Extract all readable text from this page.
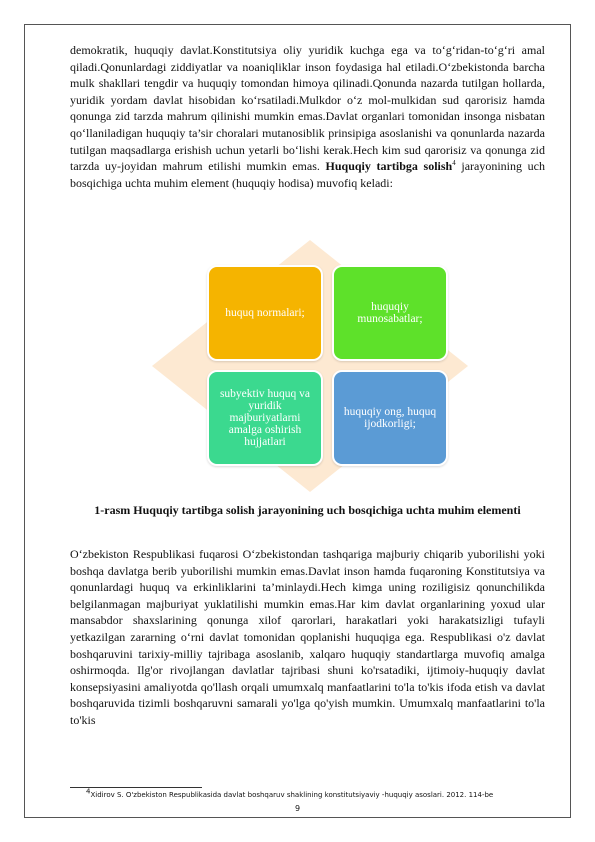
demokratik, huquqiy davlat.Konstitutsiya oliy yuridik kuchga ega va to‘g‘ridan-to‘g‘ri amal qiladi.Qonunlardagi ziddiyatlar va noaniqliklar inson foydasiga hal etiladi.O‘zbekistonda barcha mulk shakllari tengdir va huquqiy tomondan himoya qilinadi.Qonunda nazarda tutilgan hollarda, yuridik yordam davlat hisobidan ko‘rsatiladi.Mulkdor o‘z mol-mulkidan sud qarorisiz hamda qonunga zid tarzda mahrum qilinishi mumkin emas.Davlat organlari tomonidan insonga nisbatan qo‘llaniladigan huquqiy ta’sir choralari mutanosiblik prinsipiga asoslanishi va qonunlarda nazarda tutilgan maqsadlarga erishish uchun yetarli bo‘lishi kerak.Hech kim sud qarorisiz va qonunga zid tarzda uy-joyidan mahrum etilishi mumkin emas. Huquqiy tartibga solish$^4$ jarayonining uch bosqichiga uchta muhim element (huquqiy hodisa) muvofiq keladi:

huquq normalari;	huquqiy munosabatlar;
subyektiv huquq va yuridik majburiyatlarni amalga oshirish hujjatlari
huquqiy ong, huquq ijodkorligi;
1-rasm Huquqiy tartibga solish jarayonining uch bosqichiga uchta muhim elementi

O‘zbekiston Respublikasi fuqarosi O‘zbekistondan tashqariga majburiy chiqarib yuborilishi yoki boshqa davlatga berib yuborilishi mumkin emas.Davlat inson hamda fuqaroning Konstitutsiya va qonunlardagi huquq va erkinliklarini ta’minlaydi.Hech kimga uning roziligisiz qonunchilikda belgilanmagan majburiyat yuklatilishi mumkin emas.Har kim davlat organlarining yoxud ular mansabdor shaxslarining qonunga xilof qarorlari, harakatlari yoki harakatsizligi tufayli yetkazilgan zararning o‘rni davlat tomonidan qoplanishi huquqiga ega. Respublikasi o'z davlat boshqaruvini tarixiy-milliy tajribaga asoslanib, xalqaro huquqiy standartlarga muvofiq amalga oshirmoqda. Ilg'or rivojlangan davlatlar tajribasi shuni ko'rsatadiki, ijtimoiy-huquqiy davlat konsepsiyasini amaliyotda qo'llash orqali umumxalq manfaatlarini to'la to'kis ifoda etish va davlat boshqaruvida tizimli boshqaruvni samarali yo'lga qo'yish mumkin. Umumxalq manfaatlarini to'la to'kis

$^4$Xidirov S. O'zbekiston Respublikasida davlat boshqaruv shaklining konstitutsiyaviy -huquqiy asoslari. 2012. 114-be
9
